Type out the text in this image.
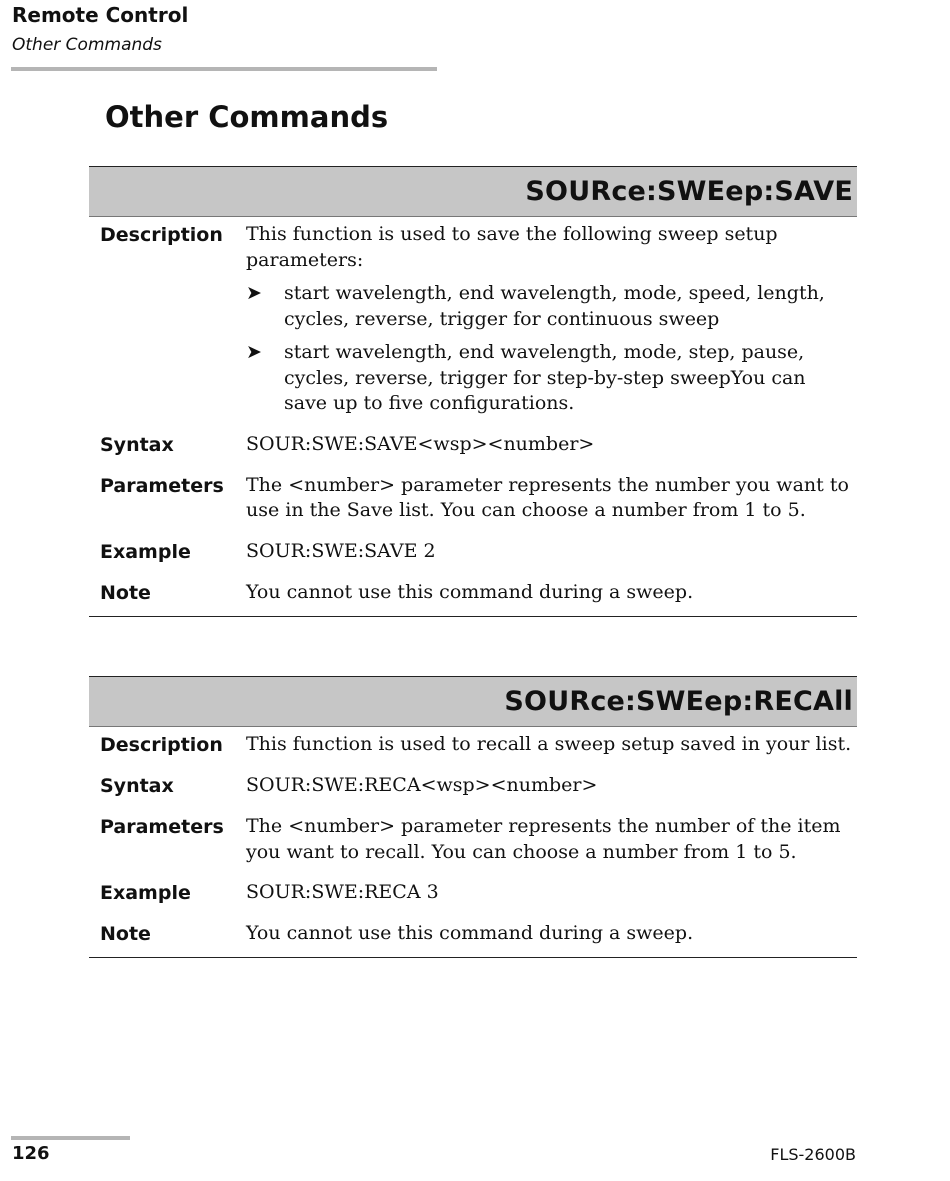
Remote Control
Other Commands
Other Commands
SOURce:SWEep:SAVE
Description	This function is used to save the following sweep setup parameters:
➤	start wavelength, end wavelength, mode, speed, length, cycles, reverse, trigger for continuous sweep
➤	start wavelength, end wavelength, mode, step, pause, cycles, reverse, trigger for step-by-step sweepYou can save up to five configurations.
Syntax	SOUR:SWE:SAVE<wsp><number>
Parameters	The <number> parameter represents the number you want to use in the Save list. You can choose a number from 1 to 5.
Example	SOUR:SWE:SAVE 2
Note	You cannot use this command during a sweep.
SOURce:SWEep:RECAll
Description	This function is used to recall a sweep setup saved in your list.
Syntax	SOUR:SWE:RECA<wsp><number>
Parameters	The <number> parameter represents the number of the item you want to recall. You can choose a number from 1 to 5.
Example	SOUR:SWE:RECA 3
Note	You cannot use this command during a sweep.
126	FLS-2600B
